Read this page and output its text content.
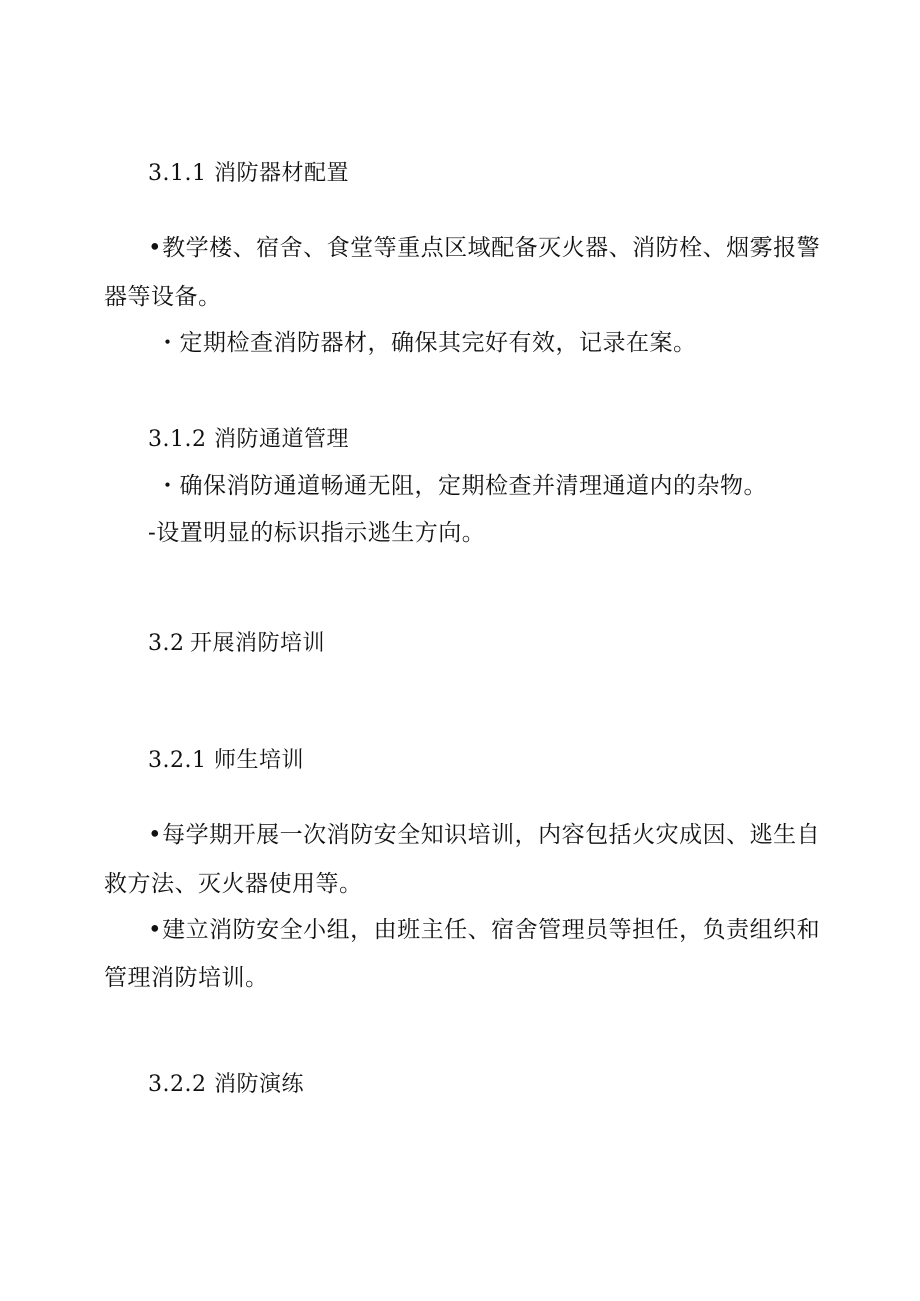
3.1.1 消防器材配置
•教学楼、宿舍、食堂等重点区域配备灭火器、消防栓、烟雾报警
器等设备。
・定期检查消防器材，确保其完好有效，记录在案。
3.1.2 消防通道管理
・确保消防通道畅通无阻，定期检查并清理通道内的杂物。
-设置明显的标识指示逃生方向。
3.2 开展消防培训
3.2.1 师生培训
•每学期开展一次消防安全知识培训，内容包括火灾成因、逃生自
救方法、灭火器使用等。
•建立消防安全小组，由班主任、宿舍管理员等担任，负责组织和
管理消防培训。
3.2.2 消防演练
